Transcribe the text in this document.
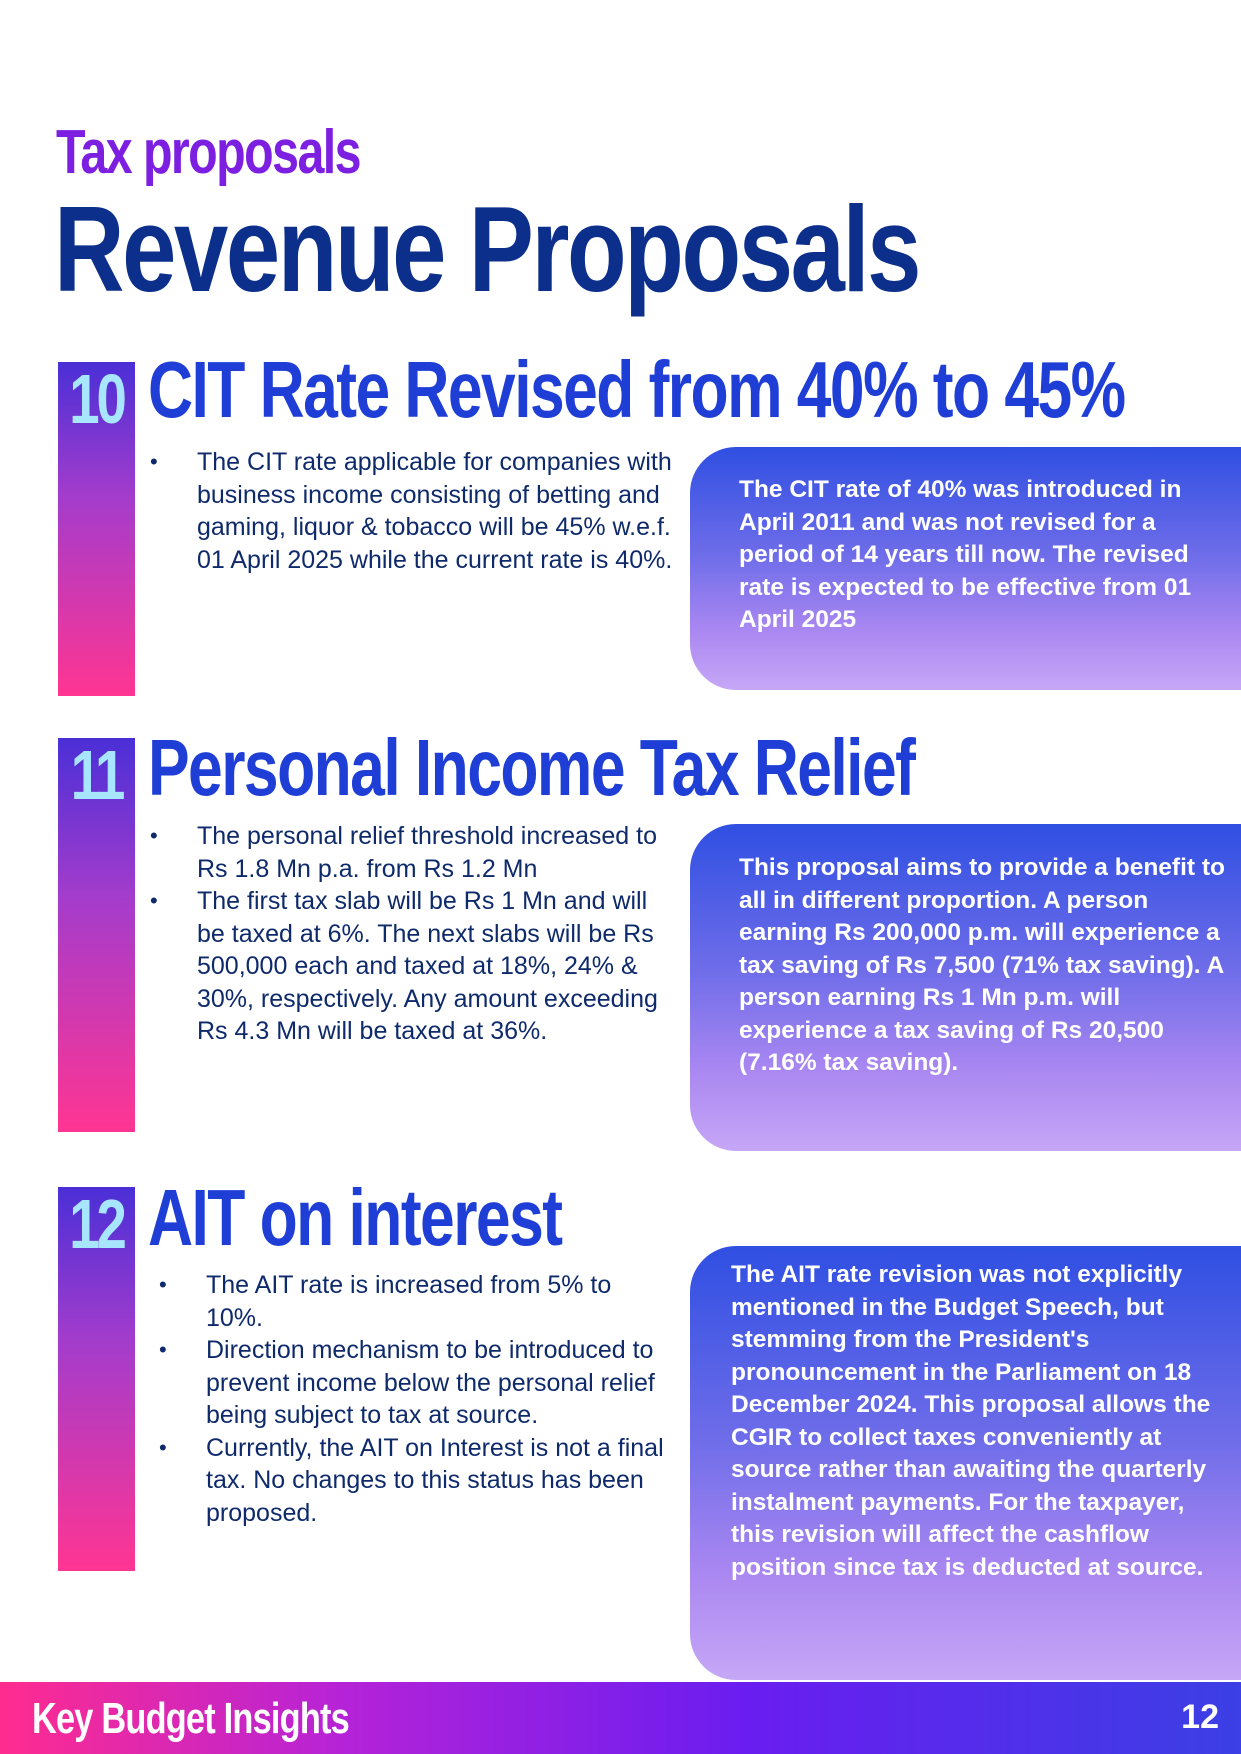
Tax proposals
Revenue Proposals
10 CIT Rate Revised from 40% to 45%
• The CIT rate applicable for companies with business income consisting of betting and gaming, liquor & tobacco will be 45% w.e.f. 01 April 2025 while the current rate is 40%.
The CIT rate of 40% was introduced in April 2011 and was not revised for a period of 14 years till now. The revised rate is expected to be effective from 01 April 2025
11 Personal Income Tax Relief
• The personal relief threshold increased to Rs 1.8 Mn p.a. from Rs 1.2 Mn
• The first tax slab will be Rs 1 Mn and will be taxed at 6%. The next slabs will be Rs 500,000 each and taxed at 18%, 24% & 30%, respectively. Any amount exceeding Rs 4.3 Mn will be taxed at 36%.
This proposal aims to provide a benefit to all in different proportion. A person earning Rs 200,000 p.m. will experience a tax saving of Rs 7,500 (71% tax saving). A person earning Rs 1 Mn p.m. will experience a tax saving of Rs 20,500 (7.16% tax saving).
12 AIT on interest
• The AIT rate is increased from 5% to 10%.
• Direction mechanism to be introduced to prevent income below the personal relief being subject to tax at source.
• Currently, the AIT on Interest is not a final tax. No changes to this status has been proposed.
The AIT rate revision was not explicitly mentioned in the Budget Speech, but stemming from the President's pronouncement in the Parliament on 18 December 2024. This proposal allows the CGIR to collect taxes conveniently at source rather than awaiting the quarterly instalment payments. For the taxpayer, this revision will affect the cashflow position since tax is deducted at source.
Key Budget Insights	12
